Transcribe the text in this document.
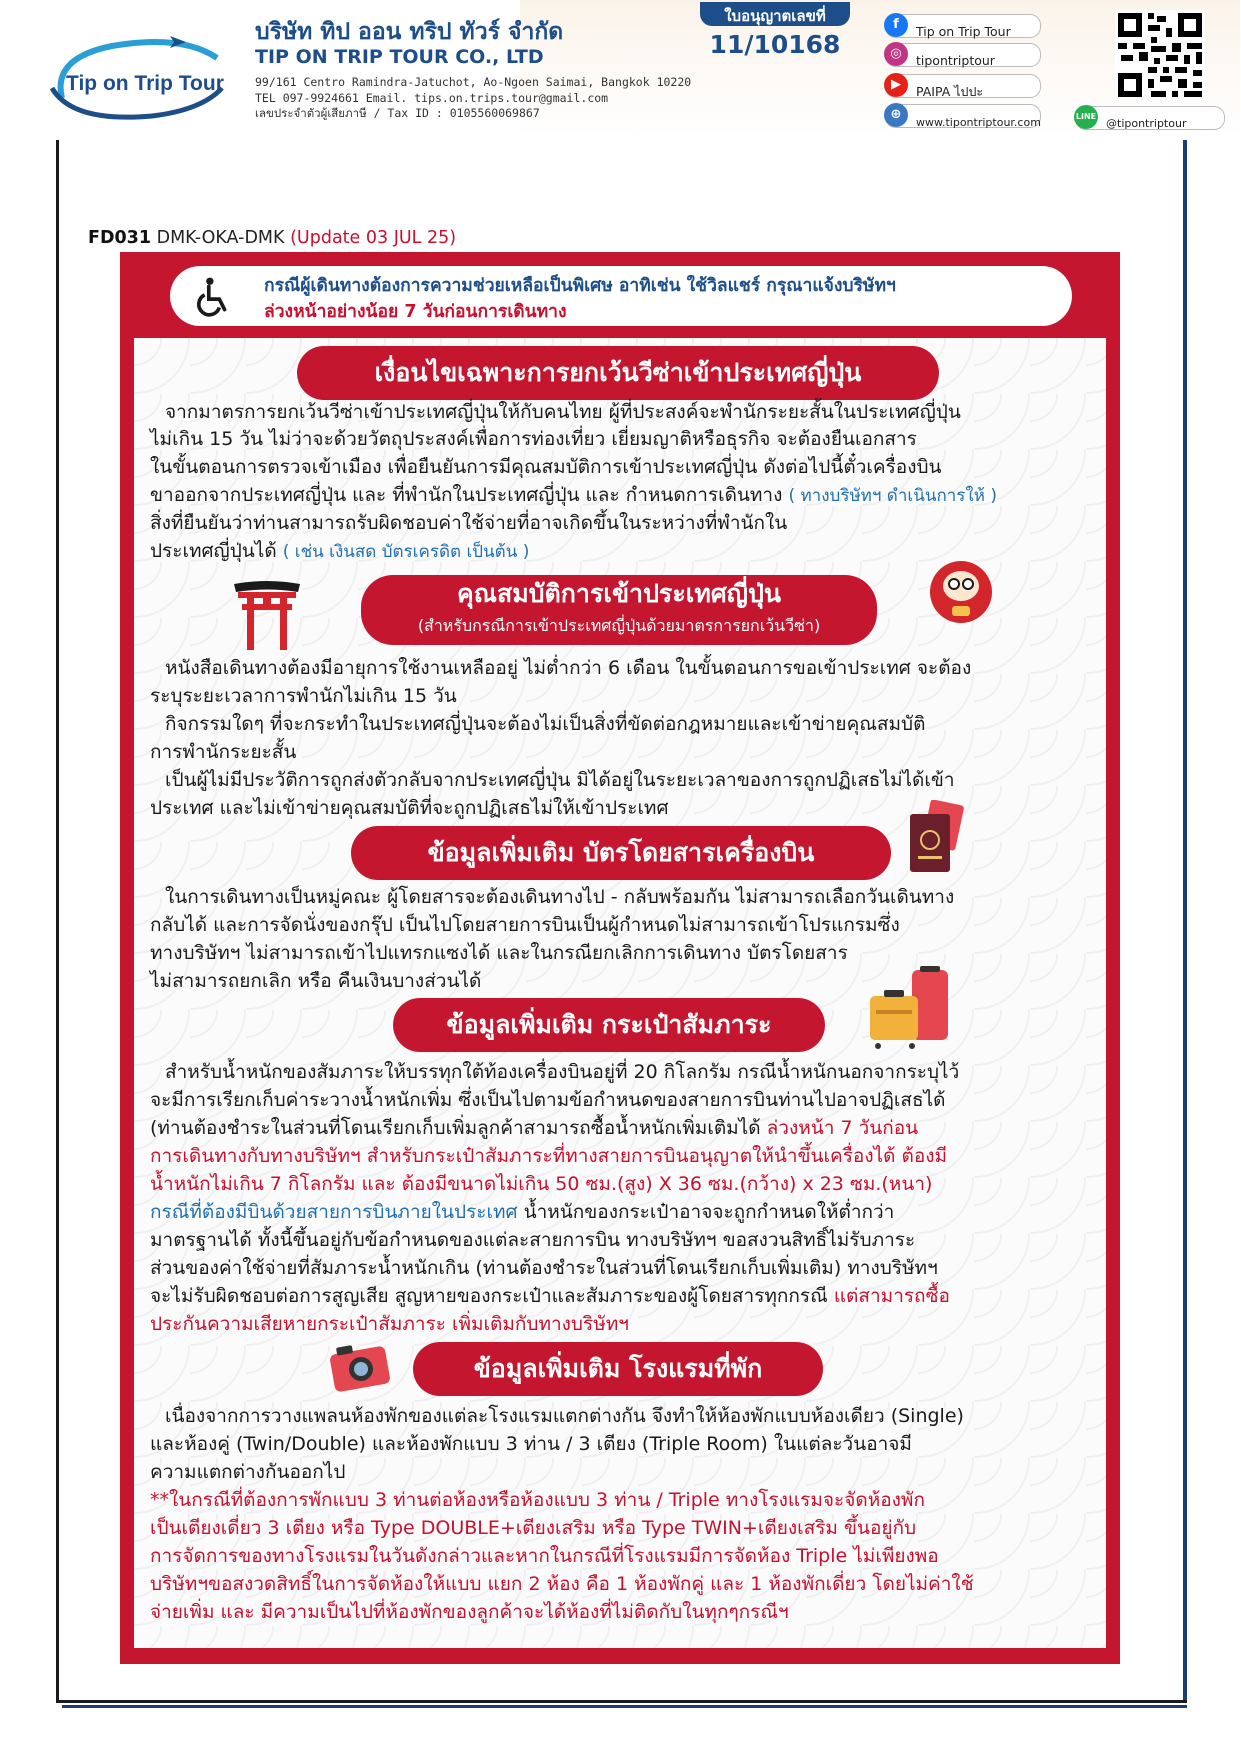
Tip on Trip Tour
บริษัท ทิป ออน ทริป ทัวร์ จำกัด
TIP ON TRIP TOUR CO., LTD
99/161 Centro Ramindra-Jatuchot, Ao-Ngoen Saimai, Bangkok 10220
TEL 097-9924661 Email. tips.on.trips.tour@gmail.com
เลขประจำตัวผู้เสียภาษี / Tax ID : 0105560069867
ใบอนุญาตเลขที่
11/10168
f	Tip on Trip Tour
◎	tipontriptour
▶	PAIPA ไปปะ
⊕
www.tipontriptour.com	LINE
@tipontriptour
FD031 DMK-OKA-DMK (Update 03 JUL 25)
กรณีผู้เดินทางต้องการความช่วยเหลือเป็นพิเศษ อาทิเช่น ใช้วิลแชร์ กรุณาแจ้งบริษัทฯ
ล่วงหน้าอย่างน้อย 7 วันก่อนการเดินทาง
เงื่อนไขเฉพาะการยกเว้นวีซ่าเข้าประเทศญี่ปุ่น
จากมาตรการยกเว้นวีซ่าเข้าประเทศญี่ปุ่นให้กับคนไทย ผู้ที่ประสงค์จะพำนักระยะสั้นในประเทศญี่ปุ่น
ไม่เกิน 15 วัน ไม่ว่าจะด้วยวัตถุประสงค์เพื่อการท่องเที่ยว เยี่ยมญาติหรือธุรกิจ จะต้องยืนเอกสาร
ในขั้นตอนการตรวจเข้าเมือง เพื่อยืนยันการมีคุณสมบัติการเข้าประเทศญี่ปุ่น ดังต่อไปนี้ตั๋วเครื่องบิน
ขาออกจากประเทศญี่ปุ่น และ ที่พำนักในประเทศญี่ปุ่น และ กำหนดการเดินทาง ( ทางบริษัทฯ ดำเนินการให้ )
สิ่งที่ยืนยันว่าท่านสามารถรับผิดชอบค่าใช้จ่ายที่อาจเกิดขึ้นในระหว่างที่พำนักใน
ประเทศญี่ปุ่นได้ ( เช่น เงินสด บัตรเครดิต เป็นต้น )
คุณสมบัติการเข้าประเทศญี่ปุ่น
(สำหรับกรณีการเข้าประเทศญี่ปุ่นด้วยมาตรการยกเว้นวีซ่า)
หนังสือเดินทางต้องมีอายุการใช้งานเหลืออยู่ ไม่ต่ำกว่า 6 เดือน ในขั้นตอนการขอเข้าประเทศ จะต้อง
ระบุระยะเวลาการพำนักไม่เกิน 15 วัน
กิจกรรมใดๆ ที่จะกระทำในประเทศญี่ปุ่นจะต้องไม่เป็นสิ่งที่ขัดต่อกฎหมายและเข้าข่ายคุณสมบัติ
การพำนักระยะสั้น
เป็นผู้ไม่มีประวัติการถูกส่งตัวกลับจากประเทศญี่ปุ่น มิได้อยู่ในระยะเวลาของการถูกปฏิเสธไม่ได้เข้า
ประเทศ และไม่เข้าข่ายคุณสมบัติที่จะถูกปฏิเสธไม่ให้เข้าประเทศ
ข้อมูลเพิ่มเติม บัตรโดยสารเครื่องบิน
ในการเดินทางเป็นหมู่คณะ ผู้โดยสารจะต้องเดินทางไป - กลับพร้อมกัน ไม่สามารถเลือกวันเดินทาง
กลับได้ และการจัดนั่งของกรุ๊ป เป็นไปโดยสายการบินเป็นผู้กำหนดไม่สามารถเข้าโปรแกรมซึ่ง
ทางบริษัทฯ ไม่สามารถเข้าไปแทรกแซงได้ และในกรณียกเลิกการเดินทาง บัตรโดยสาร
ไม่สามารถยกเลิก หรือ คืนเงินบางส่วนได้
ข้อมูลเพิ่มเติม กระเป๋าสัมภาระ
สำหรับน้ำหนักของสัมภาระให้บรรทุกใต้ท้องเครื่องบินอยู่ที่ 20 กิโลกรัม กรณีน้ำหนักนอกจากระบุไว้
จะมีการเรียกเก็บค่าระวางน้ำหนักเพิ่ม ซึ่งเป็นไปตามข้อกำหนดของสายการบินท่านไปอาจปฏิเสธได้
(ท่านต้องชำระในส่วนที่โดนเรียกเก็บเพิ่มลูกค้าสามารถซื้อน้ำหนักเพิ่มเติมได้ ล่วงหน้า 7 วันก่อน
การเดินทางกับทางบริษัทฯ สำหรับกระเป๋าสัมภาระที่ทางสายการบินอนุญาตให้นำขึ้นเครื่องได้ ต้องมี
น้ำหนักไม่เกิน 7 กิโลกรัม และ ต้องมีขนาดไม่เกิน 50 ซม.(สูง) X 36 ซม.(กว้าง) x 23 ซม.(หนา)
กรณีที่ต้องมีบินด้วยสายการบินภายในประเทศ น้ำหนักของกระเป๋าอาจจะถูกกำหนดให้ต่ำกว่า
มาตรฐานได้ ทั้งนี้ขึ้นอยู่กับข้อกำหนดของแต่ละสายการบิน ทางบริษัทฯ ขอสงวนสิทธิ์ไม่รับภาระ
ส่วนของค่าใช้จ่ายที่สัมภาระน้ำหนักเกิน (ท่านต้องชำระในส่วนที่โดนเรียกเก็บเพิ่มเติม) ทางบริษัทฯ
จะไม่รับผิดชอบต่อการสูญเสีย สูญหายของกระเป๋าและสัมภาระของผู้โดยสารทุกกรณี แต่สามารถซื้อ
ประกันความเสียหายกระเป๋าสัมภาระ เพิ่มเติมกับทางบริษัทฯ
ข้อมูลเพิ่มเติม โรงแรมที่พัก
เนื่องจากการวางแพลนห้องพักของแต่ละโรงแรมแตกต่างกัน จึงทำให้ห้องพักแบบห้องเดียว (Single)
และห้องคู่ (Twin/Double) และห้องพักแบบ 3 ท่าน / 3 เตียง (Triple Room) ในแต่ละวันอาจมี
ความแตกต่างกันออกไป
**ในกรณีที่ต้องการพักแบบ 3 ท่านต่อห้องหรือห้องแบบ 3 ท่าน / Triple ทางโรงแรมจะจัดห้องพัก
เป็นเตียงเดี่ยว 3 เตียง หรือ Type DOUBLE+เตียงเสริม หรือ Type TWIN+เตียงเสริม ขึ้นอยู่กับ
การจัดการของทางโรงแรมในวันดังกล่าวและหากในกรณีที่โรงแรมมีการจัดห้อง Triple ไม่เพียงพอ
บริษัทฯขอสงวดสิทธิ์ในการจัดห้องให้แบบ แยก 2 ห้อง คือ 1 ห้องพักคู่ และ 1 ห้องพักเดี่ยว โดยไม่ค่าใช้
จ่ายเพิ่ม และ มีความเป็นไปที่ห้องพักของลูกค้าจะได้ห้องที่ไม่ติดกับในทุกๆกรณีฯ
